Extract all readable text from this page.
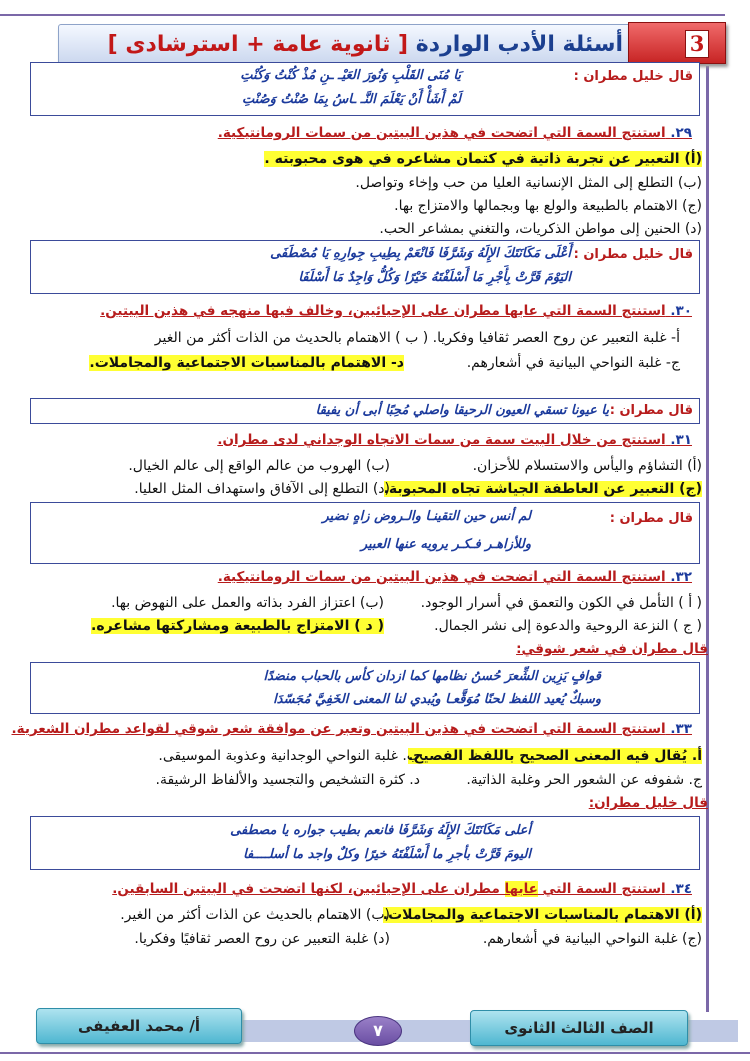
أسئلة الأدب الواردة [ ثانوية عامة + استرشادى ]	3
قال خليل مطران :
يَا مُنَى القَلْبِ وَنُورَ العَيْـ ـنِ مُذْ كُنْتُ وَكُنْتِ
لَمْ أَشَأْ أَنْ يَعْلَمَ النَّـ ـاسُ بِمَا صُنْتُ وَصُنْتِ
٢٩. استنتج السمة التي اتضحت في هذين البيتين من سمات الرومانتيكية.
(أ) التعبير عن تجربة ذاتية في كتمان مشاعره في هوى محبوبته .
(ب) التطلع إلى المثل الإنسانية العليا من حب وإخاء وتواصل.
(ج) الاهتمام بالطبيعة والولع بها وبجمالها والامتزاج بها.
(د) الحنين إلى مواطن الذكريات، والتغني بمشاعر الحب.
قال خليل مطران :
أَعْلَى مَكَانَتَكَ الإِلَهُ وَشَرَّفَا فَانْعَمْ بِطِيبِ جِوارِهِ يَا مُصْطَفَى
اليَوْمَ قَرَّتْ بِأَجْرِ مَا أَسْلَفْتَهُ خَيْرًا وَكُلُّ وَاجِدٌ مَا أَسْلَفَا
٣٠. استنتج السمة التي عابها مطران على الإحيائيين، وخالف فيها منهجه في هذين البيتين.
أ- غلبة التعبير عن روح العصر ثقافيا وفكريا. ( ب ) الاهتمام بالحديث من الذات أكثر من الغير
ج- غلبة النواحي البيانية في أشعارهم.
د- الاهتمام بالمناسبات الاجتماعية والمجاملات.
قال مطران :
يا عيونا تسقي العيون الرحيقا واصلي مُحِبًا أبى أن يفيقا
٣١. استنتج من خلال البيت سمة من سمات الاتجاه الوجداني لدى مطران.
(أ) التشاؤم واليأس والاستسلام للأحزان.
(ب) الهروب من عالم الواقع إلى عالم الخيال.
(ج) التعبير عن العاطفة الجياشة تجاه المحبوبة.
(د) التطلع إلى الآفاق واستهداف المثل العليا.
قال مطران :
لم أنس حين التقينـا والـروض زاهٍ نضير
وللأزاهـر فـكـر يرويه عنها العبير
٣٢. استنتج السمة التي اتضحت في هذين البيتين من سمات الرومانتيكية.
( أ ) التأمل في الكون والتعمق في أسرار الوجود.
(ب) اعتزاز الفرد بذاته والعمل على النهوض بها.
( ج ) النزعة الروحية والدعوة إلى نشر الجمال.
( د ) الامتزاج بالطبيعة ومشاركتها مشاعره.
قال مطران في شعر شوقي:
قوافٍ يَزِين الشِّعرَ حُسنُ نظامها كما ازدان كأس بالحباب منضدًا
وسبكٌ يُعيد اللفظ لحنًا مُوَقَّعـا ويُبدي لنا المعنى الخَفِيَّ مُجَسّدَا
٣٣. استنتج السمة التي اتضحت في هذين البيتين وتعبر عن موافقة شعر شوقي لقواعد مطران الشعرية.
أ. يُقال فيه المعنى الصحيح باللفظ الفصيح.
ب. غلبة النواحي الوجدانية وعذوبة الموسيقى.
ج. شفوفه عن الشعور الحر وغلبة الذاتية.
د. كثرة التشخيص والتجسيد والألفاظ الرشيقة.
قال خليل مطران:
أعلى مَكَانَتَكَ الإِلَهُ وَشَرَّفَا فانعم بطيب جواره يا مصطفى
اليومَ قَرَّتْ بأجرِ ما أَسْلَفْتَهُ خيرًا وكلٌ واجد ما أسلــــفا
٣٤. استنتج السمة التي عابها مطران على الإحيائيين، لكنها اتضحت في البيتين السابقين.
(أ) الاهتمام بالمناسبات الاجتماعية والمجاملات.
(ب) الاهتمام بالحديث عن الذات أكثر من الغير.
(ج) غلبة النواحي البيانية في أشعارهم.
(د) غلبة التعبير عن روح العصر ثقافيًا وفكريا.
الصف الثالث الثانوى
٧
أ/ محمد العفيفى
